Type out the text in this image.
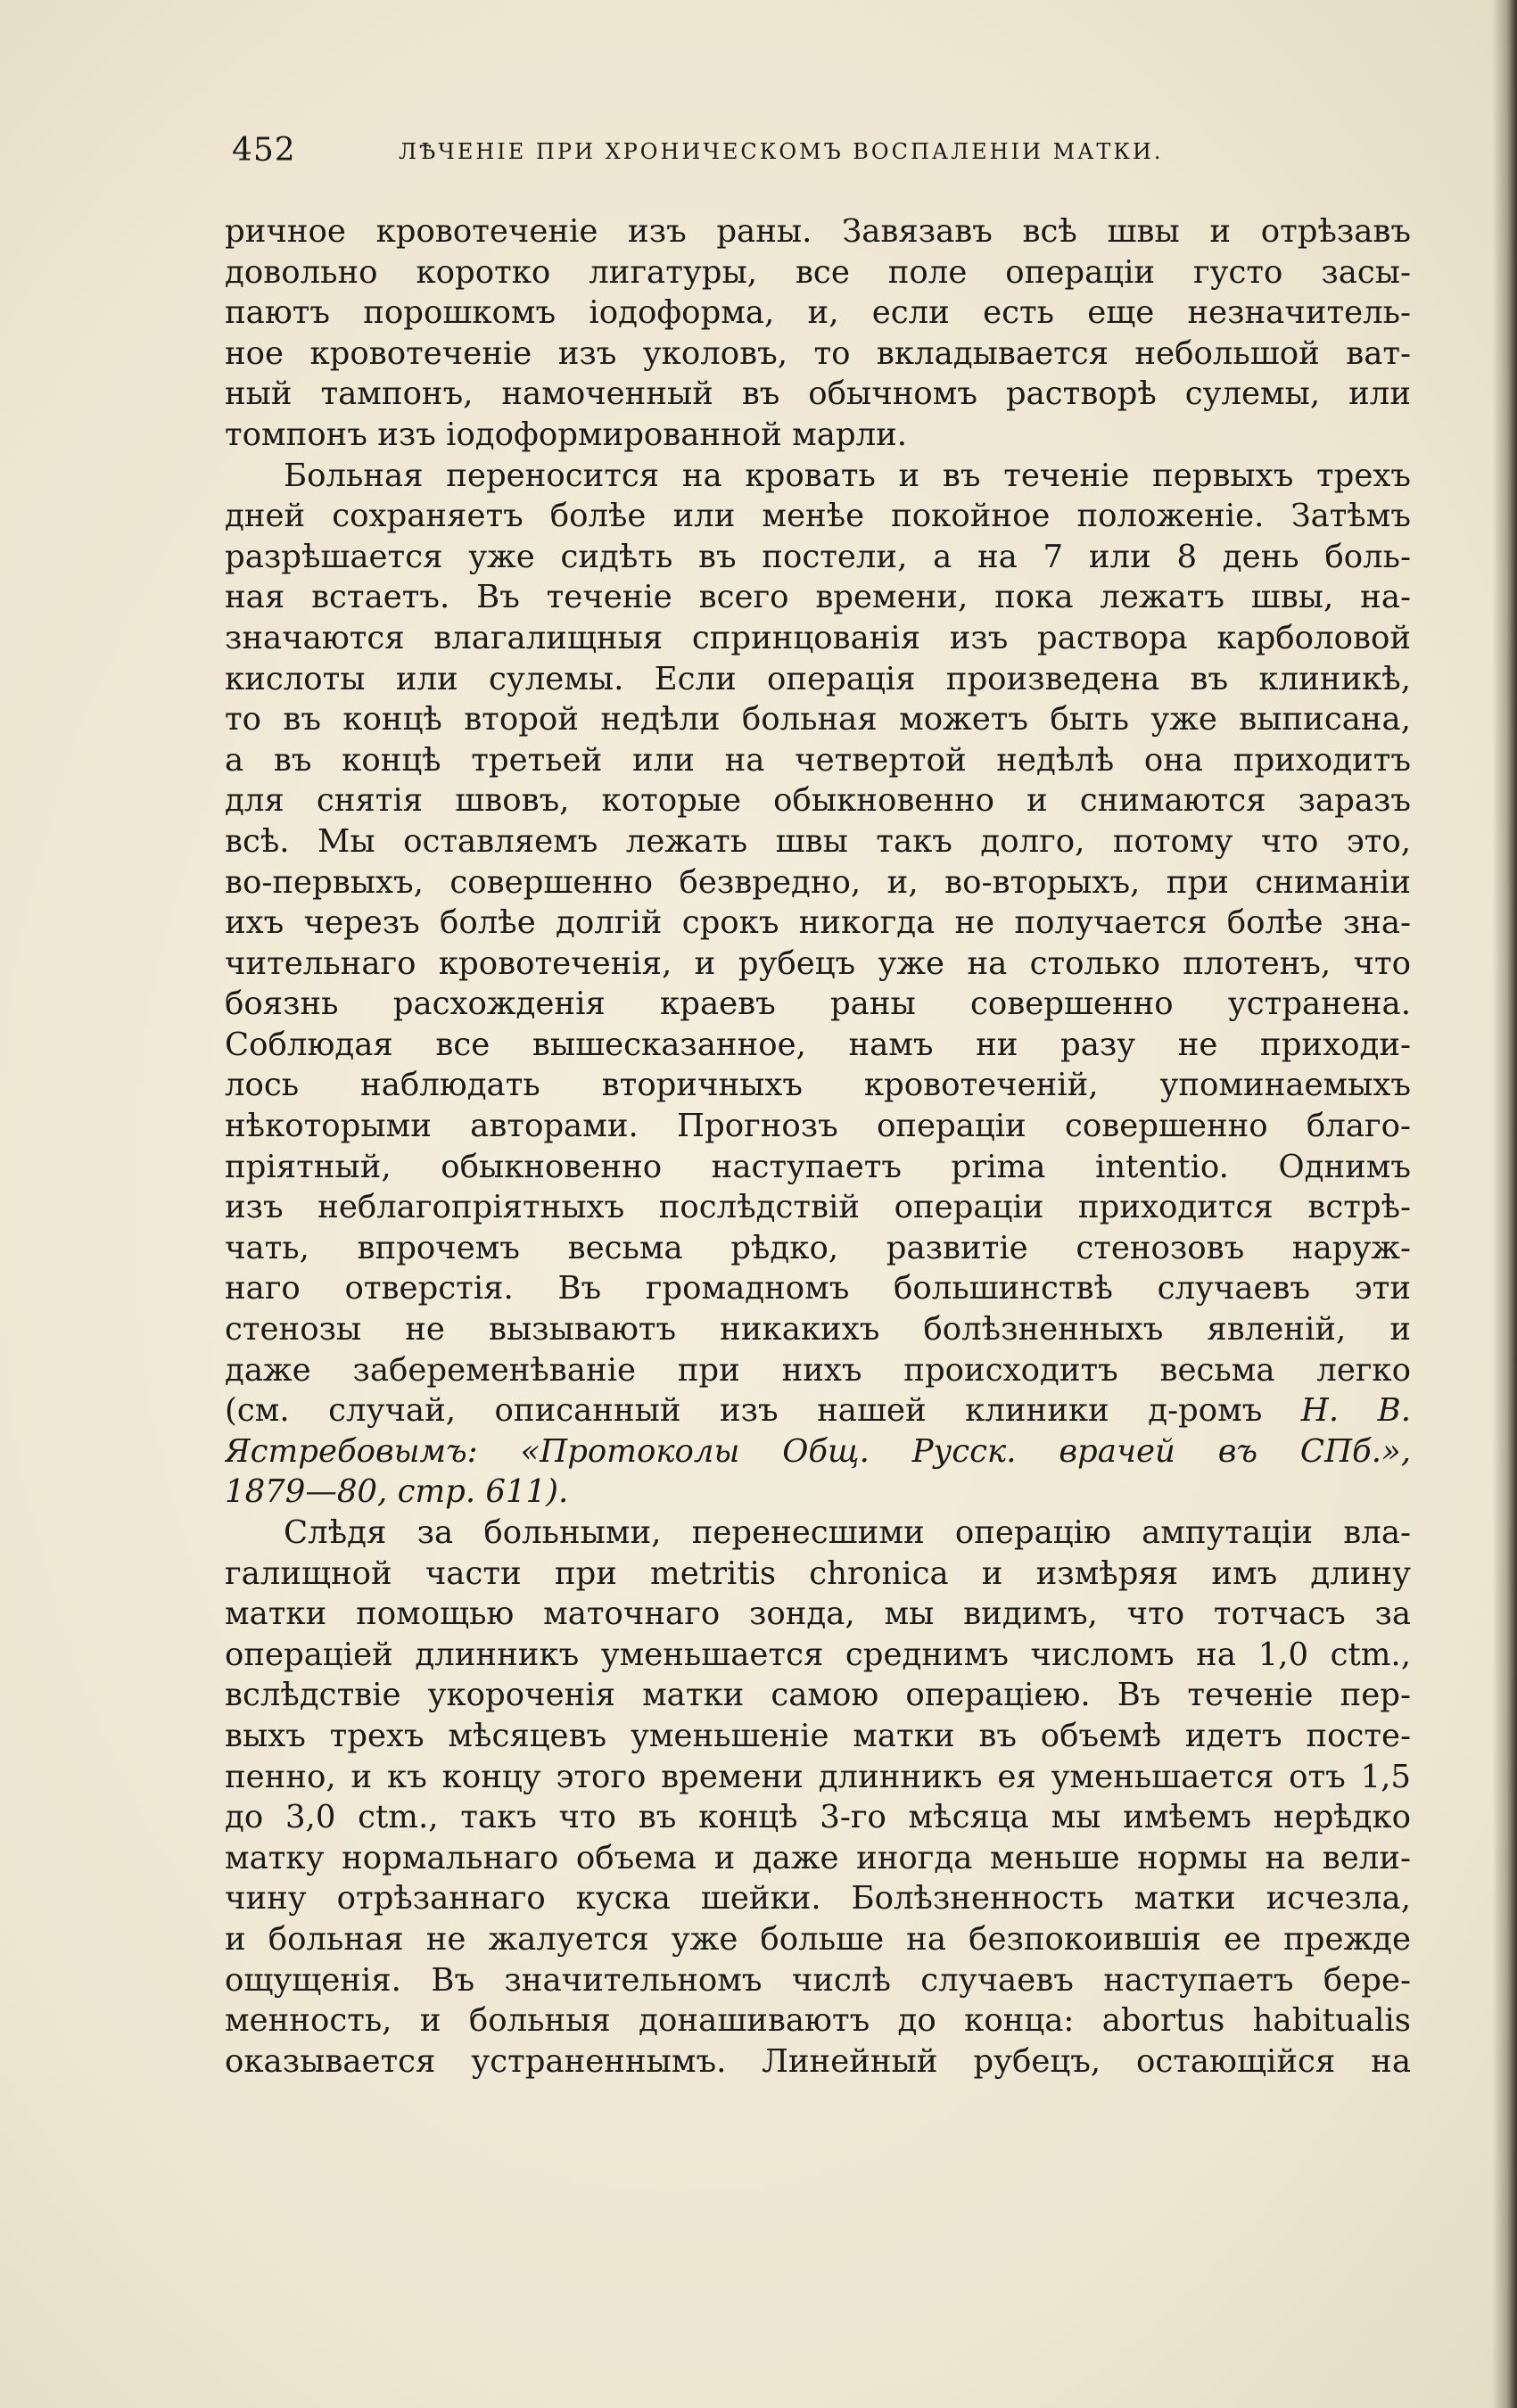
452	ЛѢЧЕНІЕ ПРИ ХРОНИЧЕСКОМЪ ВОСПАЛЕНІИ МАТКИ.
ричное кровотеченіе изъ раны. Завязавъ всѣ швы и отрѣзавъ
довольно коротко лигатуры, все поле операціи густо засы-
паютъ порошкомъ іодоформа, и, если есть еще незначитель-
ное кровотеченіе изъ уколовъ, то вкладывается небольшой ват-
ный тампонъ, намоченный въ обычномъ растворѣ сулемы, или
томпонъ изъ іодоформированной марли.
Больная переносится на кровать и въ теченіе первыхъ трехъ
дней сохраняетъ болѣе или менѣе покойное положеніе. Затѣмъ
разрѣшается уже сидѣть въ постели, а на 7 или 8 день боль-
ная встаетъ. Въ теченіе всего времени, пока лежатъ швы, на-
значаются влагалищныя спринцованія изъ раствора карболовой
кислоты или сулемы. Если операція произведена въ клиникѣ,
то въ концѣ второй недѣли больная можетъ быть уже выписана,
а въ концѣ третьей или на четвертой недѣлѣ она приходитъ
для снятія швовъ, которые обыкновенно и снимаются заразъ
всѣ. Мы оставляемъ лежать швы такъ долго, потому что это,
во-первыхъ, совершенно безвредно, и, во-вторыхъ, при сниманіи
ихъ черезъ болѣе долгій срокъ никогда не получается болѣе зна-
чительнаго кровотеченія, и рубецъ уже на столько плотенъ, что
боязнь расхожденія краевъ раны совершенно устранена.
Соблюдая все вышесказанное, намъ ни разу не приходи-
лось наблюдать вторичныхъ кровотеченій, упоминаемыхъ
нѣкоторыми авторами. Прогнозъ операціи совершенно благо-
пріятный, обыкновенно наступаетъ prima intentio. Однимъ
изъ неблагопріятныхъ послѣдствій операціи приходится встрѣ-
чать, впрочемъ весьма рѣдко, развитіе стенозовъ наруж-
наго отверстія. Въ громадномъ большинствѣ случаевъ эти
стенозы не вызываютъ никакихъ болѣзненныхъ явленій, и
даже забеременѣваніе при нихъ происходитъ весьма легко
(см. случай, описанный изъ нашей клиники д-ромъ Н. В.
Ястребовымъ: «Протоколы Общ. Русск. врачей въ СПб.»,
1879—80, стр. 611).
Слѣдя за больными, перенесшими операцію ампутаціи вла-
галищной части при metritis chronica и измѣряя имъ длину
матки помощью маточнаго зонда, мы видимъ, что тотчасъ за
операціей длинникъ уменьшается среднимъ числомъ на 1,0 ctm.,
вслѣдствіе укороченія матки самою операціею. Въ теченіе пер-
выхъ трехъ мѣсяцевъ уменьшеніе матки въ объемѣ идетъ посте-
пенно, и къ концу этого времени длинникъ ея уменьшается отъ 1,5
до 3,0 ctm., такъ что въ концѣ 3-го мѣсяца мы имѣемъ нерѣдко
матку нормальнаго объема и даже иногда меньше нормы на вели-
чину отрѣзаннаго куска шейки. Болѣзненность матки исчезла,
и больная не жалуется уже больше на безпокоившія ее прежде
ощущенія. Въ значительномъ числѣ случаевъ наступаетъ бере-
менность, и больныя донашиваютъ до конца: abortus habitualis
оказывается устраненнымъ. Линейный рубецъ, остающійся на
